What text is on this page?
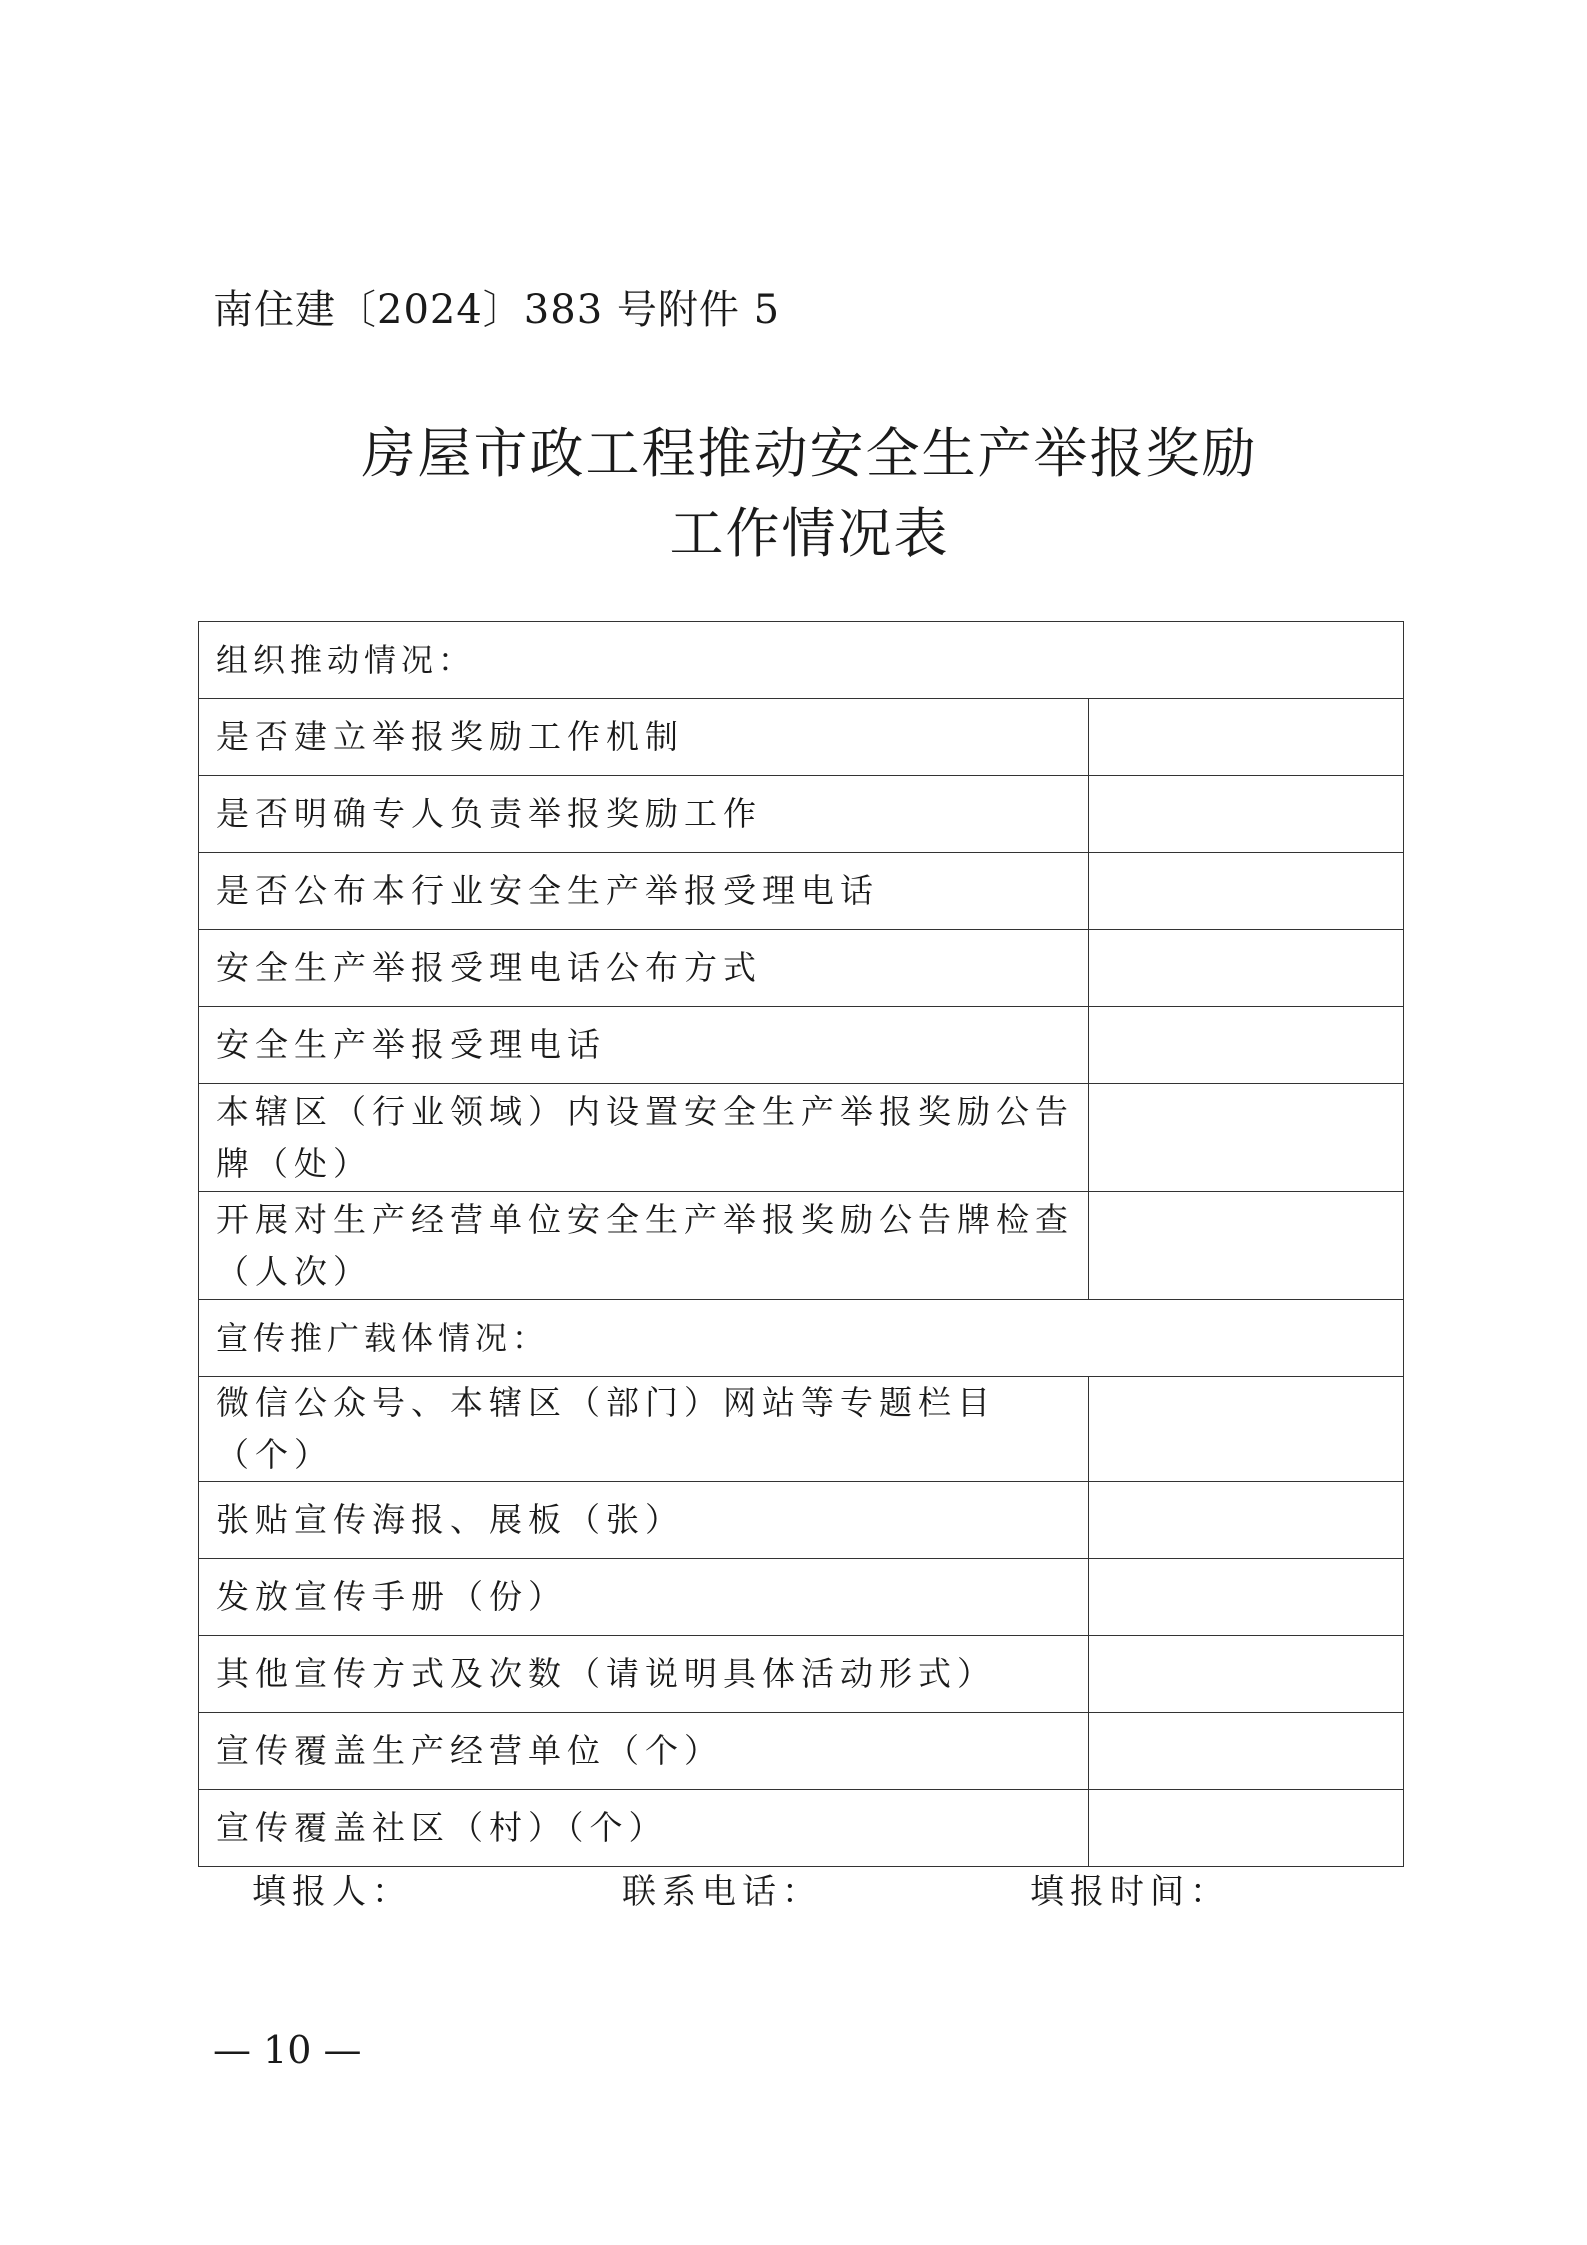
南住建〔2024〕383 号附件 5
房屋市政工程推动安全生产举报奖励
工作情况表
组织推动情况：	
是否建立举报奖励工作机制	
是否明确专人负责举报奖励工作	
是否公布本行业安全生产举报受理电话	
安全生产举报受理电话公布方式	
安全生产举报受理电话	
本辖区（行业领域）内设置安全生产举报奖励公告牌（处）	
开展对生产经营单位安全生产举报奖励公告牌检查（人次）	
宣传推广载体情况：	
微信公众号、本辖区（部门）网站等专题栏目（个）	
张贴宣传海报、展板（张）	
发放宣传手册（份）	
其他宣传方式及次数（请说明具体活动形式）	
宣传覆盖生产经营单位（个）	
宣传覆盖社区（村）（个）	
填报人：	联系电话：	填报时间：
— 10 —
